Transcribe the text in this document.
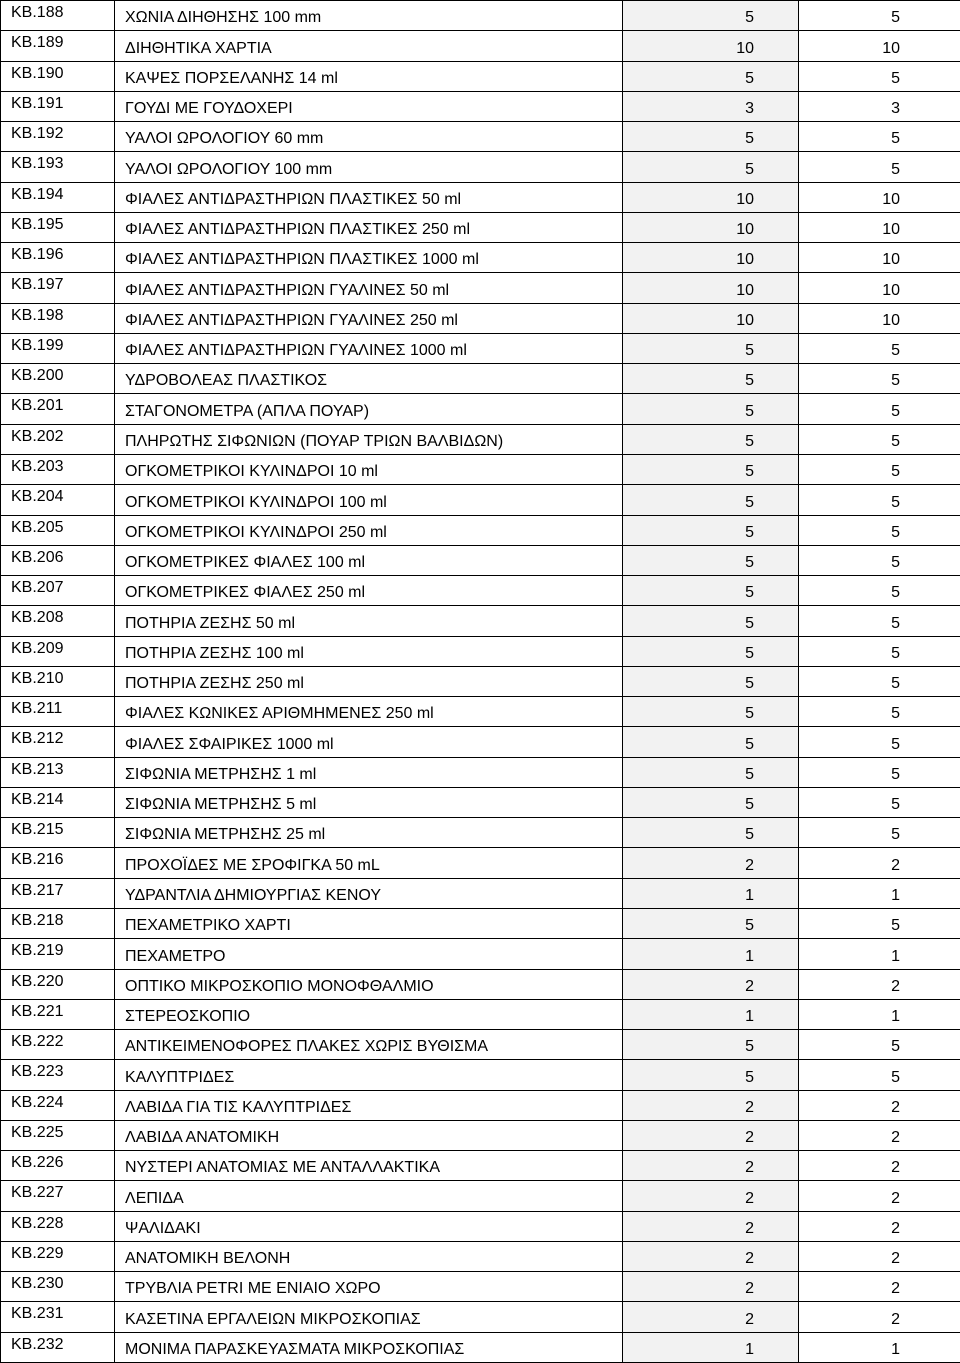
ΚΒ.188	ΧΩΝΙΑ ΔΙΗΘΗΣΗΣ 100 mm	5	5
ΚΒ.189	ΔΙΗΘΗΤΙΚΑ ΧΑΡΤΙΑ	10	10
ΚΒ.190	ΚΑΨΕΣ ΠΟΡΣΕΛΑΝΗΣ 14 ml	5	5
ΚΒ.191	ΓΟΥΔΙ ΜΕ ΓΟΥΔΟΧΕΡΙ	3	3
ΚΒ.192	ΥΑΛΟΙ ΩΡΟΛΟΓΙΟΥ 60 mm	5	5
ΚΒ.193	ΥΑΛΟΙ ΩΡΟΛΟΓΙΟΥ 100 mm	5	5
ΚΒ.194	ΦΙΑΛΕΣ ΑΝΤΙΔΡΑΣΤΗΡΙΩΝ ΠΛΑΣΤΙΚΕΣ 50 ml	10	10
ΚΒ.195	ΦΙΑΛΕΣ ΑΝΤΙΔΡΑΣΤΗΡΙΩΝ ΠΛΑΣΤΙΚΕΣ 250 ml	10	10
ΚΒ.196	ΦΙΑΛΕΣ ΑΝΤΙΔΡΑΣΤΗΡΙΩΝ ΠΛΑΣΤΙΚΕΣ 1000 ml	10	10
ΚΒ.197	ΦΙΑΛΕΣ ΑΝΤΙΔΡΑΣΤΗΡΙΩΝ ΓΥΑΛΙΝΕΣ 50 ml	10	10
ΚΒ.198	ΦΙΑΛΕΣ ΑΝΤΙΔΡΑΣΤΗΡΙΩΝ ΓΥΑΛΙΝΕΣ 250 ml	10	10
ΚΒ.199	ΦΙΑΛΕΣ ΑΝΤΙΔΡΑΣΤΗΡΙΩΝ ΓΥΑΛΙΝΕΣ 1000 ml	5	5
ΚΒ.200	ΥΔΡΟΒΟΛΕΑΣ ΠΛΑΣΤΙΚΟΣ	5	5
ΚΒ.201	ΣΤΑΓΟΝΟΜΕΤΡΑ (ΑΠΛΑ ΠΟΥΑΡ)	5	5
ΚΒ.202	ΠΛΗΡΩΤΗΣ ΣΙΦΩΝΙΩΝ (ΠΟΥΑΡ ΤΡΙΩΝ ΒΑΛΒΙΔΩΝ)	5	5
ΚΒ.203	ΟΓΚΟΜΕΤΡΙΚΟΙ ΚΥΛΙΝΔΡΟΙ 10 ml	5	5
ΚΒ.204	ΟΓΚΟΜΕΤΡΙΚΟΙ ΚΥΛΙΝΔΡΟΙ 100 ml	5	5
ΚΒ.205	ΟΓΚΟΜΕΤΡΙΚΟΙ ΚΥΛΙΝΔΡΟΙ 250 ml	5	5
ΚΒ.206	ΟΓΚΟΜΕΤΡΙΚΕΣ ΦΙΑΛΕΣ 100 ml	5	5
ΚΒ.207	ΟΓΚΟΜΕΤΡΙΚΕΣ ΦΙΑΛΕΣ 250 ml	5	5
ΚΒ.208	ΠΟΤΗΡΙΑ ΖΕΣΗΣ 50 ml	5	5
ΚΒ.209	ΠΟΤΗΡΙΑ ΖΕΣΗΣ 100 ml	5	5
ΚΒ.210	ΠΟΤΗΡΙΑ ΖΕΣΗΣ 250 ml	5	5
ΚΒ.211	ΦΙΑΛΕΣ ΚΩΝΙΚΕΣ ΑΡΙΘΜΗΜΕΝΕΣ 250 ml	5	5
ΚΒ.212	ΦΙΑΛΕΣ ΣΦΑΙΡΙΚΕΣ 1000 ml	5	5
ΚΒ.213	ΣΙΦΩΝΙΑ ΜΕΤΡΗΣΗΣ 1 ml	5	5
ΚΒ.214	ΣΙΦΩΝΙΑ ΜΕΤΡΗΣΗΣ 5 ml	5	5
ΚΒ.215	ΣΙΦΩΝΙΑ ΜΕΤΡΗΣΗΣ 25 ml	5	5
ΚΒ.216	ΠΡΟΧΟΪΔΕΣ ΜΕ ΣΡΟΦΙΓΚΑ 50 mL	2	2
ΚΒ.217	ΥΔΡΑΝΤΛΙΑ ΔΗΜΙΟΥΡΓΙΑΣ ΚΕΝΟΥ	1	1
ΚΒ.218	ΠΕΧΑΜΕΤΡΙΚΟ ΧΑΡΤΙ	5	5
ΚΒ.219	ΠΕΧΑΜΕΤΡΟ	1	1
ΚΒ.220	ΟΠΤΙΚΟ ΜΙΚΡΟΣΚΟΠΙΟ ΜΟΝΟΦΘΑΛΜΙΟ	2	2
ΚΒ.221	ΣΤΕΡΕΟΣΚΟΠΙΟ	1	1
ΚΒ.222	ΑΝΤΙΚΕΙΜΕΝΟΦΟΡΕΣ ΠΛΑΚΕΣ ΧΩΡΙΣ ΒΥΘΙΣΜΑ	5	5
ΚΒ.223	ΚΑΛΥΠΤΡΙΔΕΣ	5	5
ΚΒ.224	ΛΑΒΙΔΑ ΓΙΑ ΤΙΣ ΚΑΛΥΠΤΡΙΔΕΣ	2	2
ΚΒ.225	ΛΑΒΙΔΑ ΑΝΑΤΟΜΙΚΗ	2	2
ΚΒ.226	ΝΥΣΤΕΡΙ ΑΝΑΤΟΜΙΑΣ ΜΕ ΑΝΤΑΛΛΑΚΤΙΚΑ	2	2
ΚΒ.227	ΛΕΠΙΔΑ	2	2
ΚΒ.228	ΨΑΛΙΔΑΚΙ	2	2
ΚΒ.229	ΑΝΑΤΟΜΙΚΗ ΒΕΛΟΝΗ	2	2
ΚΒ.230	ΤΡΥΒΛΙΑ PETRI ΜΕ ΕΝΙΑΙΟ ΧΩΡΟ	2	2
ΚΒ.231	ΚΑΣΕΤΙΝΑ ΕΡΓΑΛΕΙΩΝ ΜΙΚΡΟΣΚΟΠΙΑΣ	2	2
ΚΒ.232	ΜΟΝΙΜΑ ΠΑΡΑΣΚΕΥΑΣΜΑΤΑ ΜΙΚΡΟΣΚΟΠΙΑΣ	1	1
